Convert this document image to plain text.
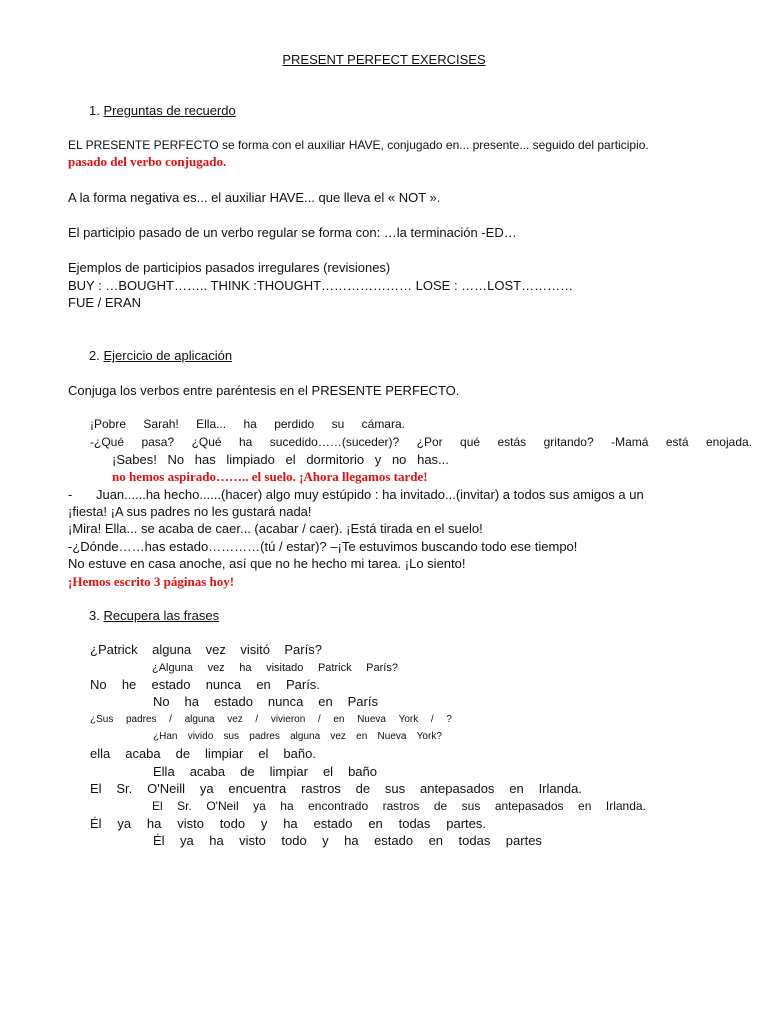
PRESENT PERFECT EXERCISES
1. Preguntas de recuerdo
EL PRESENTE PERFECTO se forma con el auxiliar HAVE, conjugado en... presente... seguido del participio.
pasado del verbo conjugado.
A la forma negativa es... el auxiliar HAVE... que lleva el « NOT ».
El participio pasado de un verbo regular se forma con: …la terminación -ED…
Ejemplos de participios pasados irregulares (revisiones)
BUY : …BOUGHT…….. THINK :THOUGHT………………… LOSE : ……LOST…………
FUE / ERAN
2. Ejercicio de aplicación
Conjuga los verbos entre paréntesis en el PRESENTE PERFECTO.
¡Pobre Sarah! Ella... ha perdido su cámara.
-¿Qué pasa? ¿Qué ha sucedido……(suceder)? ¿Por qué estás gritando? -Mamá está enojada.
¡Sabes! No has limpiado el dormitorio y no has...
no hemos aspirado…….. el suelo. ¡Ahora llegamos tarde!
- Juan......ha hecho......(hacer) algo muy estúpido : ha invitado...(invitar) a todos sus amigos a un
¡fiesta! ¡A sus padres no les gustará nada!
¡Mira! Ella... se acaba de caer... (acabar / caer). ¡Está tirada en el suelo!
-¿Dónde……has estado…………(tú / estar)? –¡Te estuvimos buscando todo ese tiempo!
No estuve en casa anoche, así que no he hecho mi tarea. ¡Lo siento!
¡Hemos escrito 3 páginas hoy!
3. Recupera las frases
¿Patrick alguna vez visitó París?
¿Alguna vez ha visitado Patrick París?
No he estado nunca en París.
No ha estado nunca en París
¿Sus padres / alguna vez / vivieron / en Nueva York / ?
¿Han vivido sus padres alguna vez en Nueva York?
ella acaba de limpiar el baño.
Ella acaba de limpiar el baño
El Sr. O'Neill ya encuentra rastros de sus antepasados en Irlanda.
El Sr. O'Neil ya ha encontrado rastros de sus antepasados en Irlanda.
Él ya ha visto todo y ha estado en todas partes.
Él ya ha visto todo y ha estado en todas partes
